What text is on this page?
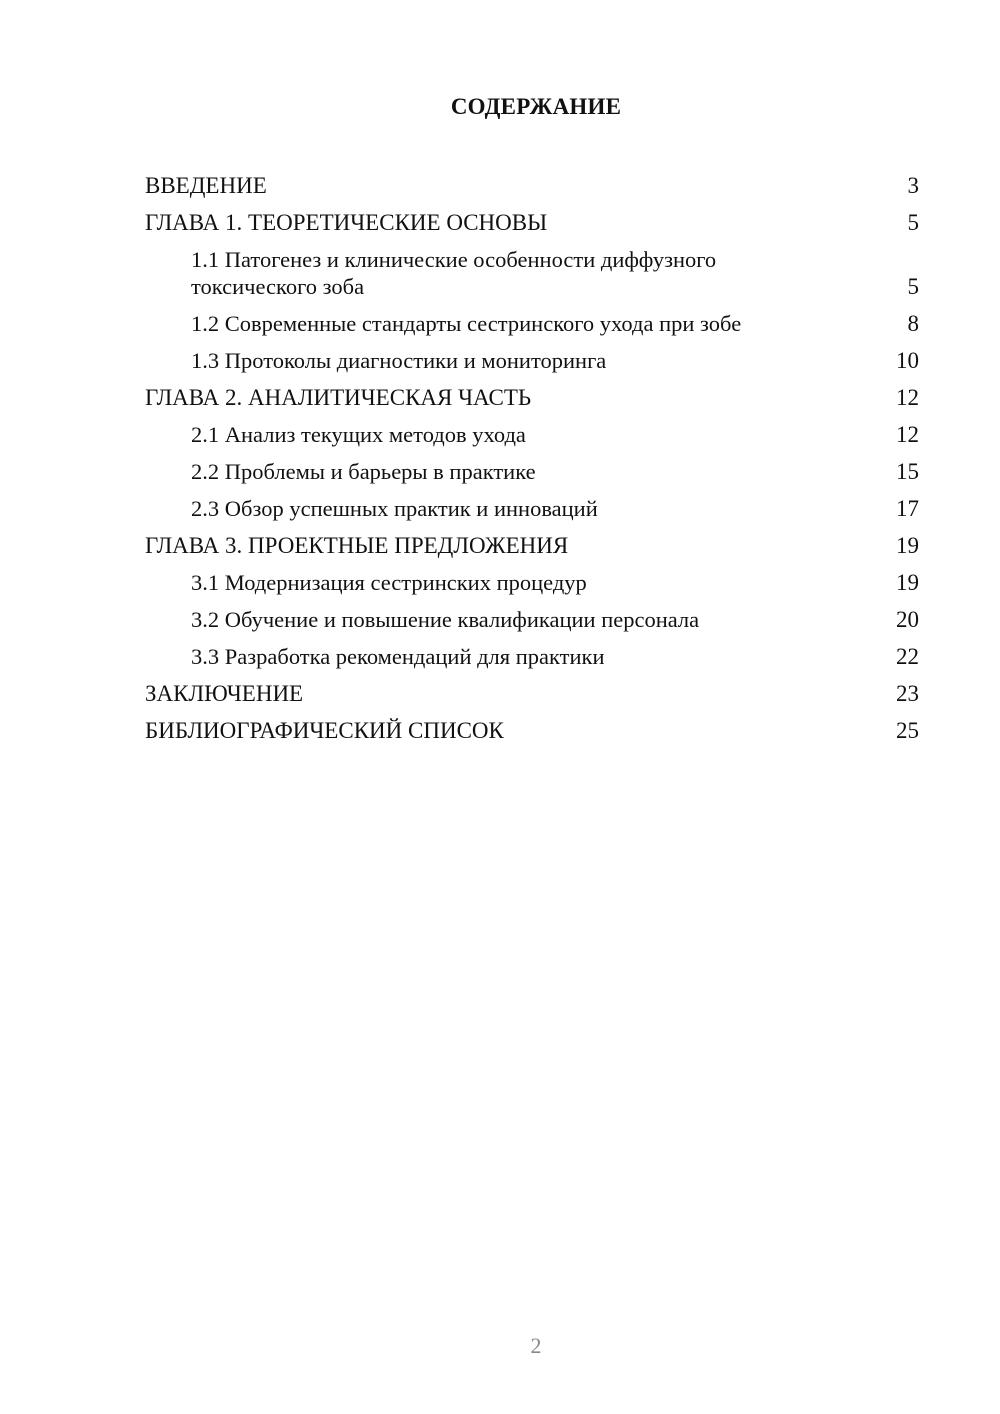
СОДЕРЖАНИЕ
ВВЕДЕНИЕ	3
ГЛАВА 1. ТЕОРЕТИЧЕСКИЕ ОСНОВЫ	5
1.1 Патогенез и клинические особенности диффузного
токсического зоба	5
1.2 Современные стандарты сестринского ухода при зобе	8
1.3 Протоколы диагностики и мониторинга	10
ГЛАВА 2. АНАЛИТИЧЕСКАЯ ЧАСТЬ	12
2.1 Анализ текущих методов ухода	12
2.2 Проблемы и барьеры в практике	15
2.3 Обзор успешных практик и инноваций	17
ГЛАВА 3. ПРОЕКТНЫЕ ПРЕДЛОЖЕНИЯ	19
3.1 Модернизация сестринских процедур	19
3.2 Обучение и повышение квалификации персонала	20
3.3 Разработка рекомендаций для практики	22
ЗАКЛЮЧЕНИЕ	23
БИБЛИОГРАФИЧЕСКИЙ СПИСОК	25
2
